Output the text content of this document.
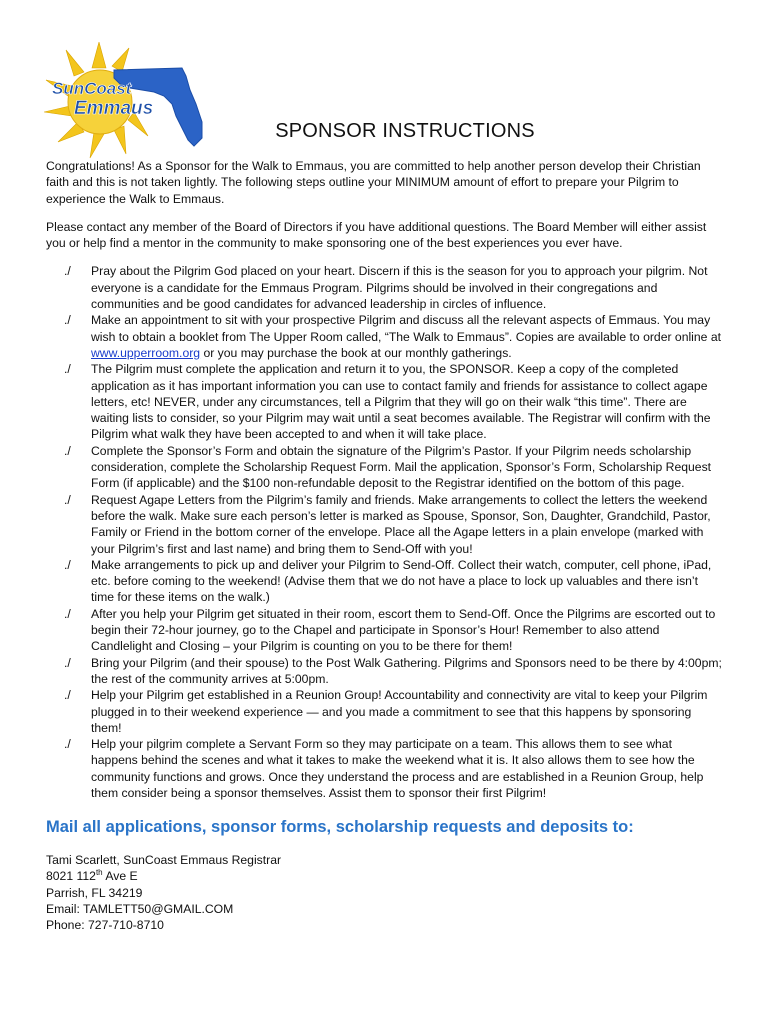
SunCoast
Emmaus
SPONSOR INSTRUCTIONS

Congratulations! As a Sponsor for the Walk to Emmaus, you are committed to help another person develop their Christian faith and this is not taken lightly. The following steps outline your MINIMUM amount of effort to prepare your Pilgrim to experience the Walk to Emmaus.

Please contact any member of the Board of Directors if you have additional questions. The Board Member will either assist you or help find a mentor in the community to make sponsoring one of the best experiences you ever have.

./ Pray about the Pilgrim God placed on your heart. Discern if this is the season for you to approach your pilgrim. Not everyone is a candidate for the Emmaus Program. Pilgrims should be involved in their congregations and communities and be good candidates for advanced leadership in circles of influence.
./ Make an appointment to sit with your prospective Pilgrim and discuss all the relevant aspects of Emmaus. You may wish to obtain a booklet from The Upper Room called, “The Walk to Emmaus”. Copies are available to order online at www.upperroom.org or you may purchase the book at our monthly gatherings.
./ The Pilgrim must complete the application and return it to you, the SPONSOR. Keep a copy of the completed application as it has important information you can use to contact family and friends for assistance to collect agape letters, etc! NEVER, under any circumstances, tell a Pilgrim that they will go on their walk “this time”. There are waiting lists to consider, so your Pilgrim may wait until a seat becomes available. The Registrar will confirm with the Pilgrim what walk they have been accepted to and when it will take place.
./ Complete the Sponsor’s Form and obtain the signature of the Pilgrim’s Pastor. If your Pilgrim needs scholarship consideration, complete the Scholarship Request Form. Mail the application, Sponsor’s Form, Scholarship Request Form (if applicable) and the $100 non-refundable deposit to the Registrar identified on the bottom of this page.
./ Request Agape Letters from the Pilgrim’s family and friends. Make arrangements to collect the letters the weekend before the walk. Make sure each person’s letter is marked as Spouse, Sponsor, Son, Daughter, Grandchild, Pastor, Family or Friend in the bottom corner of the envelope. Place all the Agape letters in a plain envelope (marked with your Pilgrim’s first and last name) and bring them to Send-Off with you!
./ Make arrangements to pick up and deliver your Pilgrim to Send-Off. Collect their watch, computer, cell phone, iPad, etc. before coming to the weekend! (Advise them that we do not have a place to lock up valuables and there isn’t time for these items on the walk.)
./ After you help your Pilgrim get situated in their room, escort them to Send-Off. Once the Pilgrims are escorted out to begin their 72-hour journey, go to the Chapel and participate in Sponsor’s Hour! Remember to also attend Candlelight and Closing – your Pilgrim is counting on you to be there for them!
./ Bring your Pilgrim (and their spouse) to the Post Walk Gathering. Pilgrims and Sponsors need to be there by 4:00pm; the rest of the community arrives at 5:00pm.
./ Help your Pilgrim get established in a Reunion Group! Accountability and connectivity are vital to keep your Pilgrim plugged in to their weekend experience — and you made a commitment to see that this happens by sponsoring them!
./ Help your pilgrim complete a Servant Form so they may participate on a team. This allows them to see what happens behind the scenes and what it takes to make the weekend what it is. It also allows them to see how the community functions and grows. Once they understand the process and are established in a Reunion Group, help them consider being a sponsor themselves. Assist them to sponsor their first Pilgrim!
Mail all applications, sponsor forms, scholarship requests and deposits to:
Tami Scarlett, SunCoast Emmaus Registrar
8021 112th Ave E
Parrish, FL 34219
Email: TAMLETT50@GMAIL.COM
Phone: 727-710-8710
